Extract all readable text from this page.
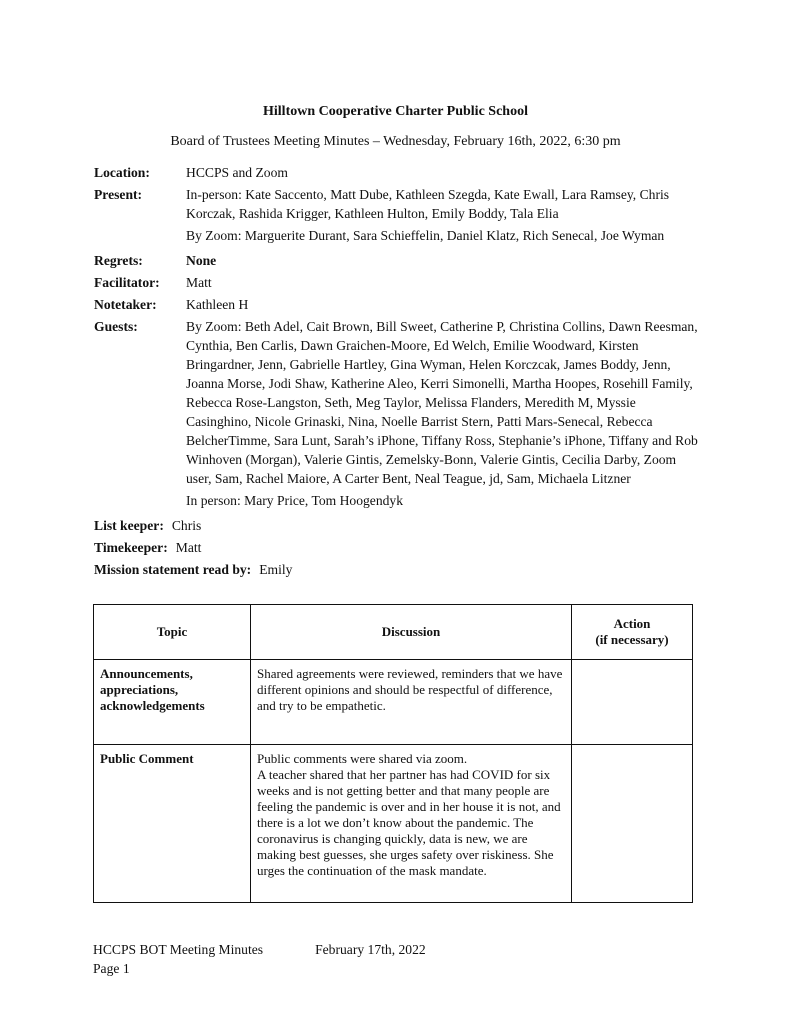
Hilltown Cooperative Charter Public School
Board of Trustees Meeting Minutes – Wednesday, February 16th, 2022, 6:30 pm
Location:	HCCPS and Zoom
Present:	In-person: Kate Saccento, Matt Dube, Kathleen Szegda, Kate Ewall, Lara Ramsey, Chris Korczak, Rashida Krigger, Kathleen Hulton, Emily Boddy, Tala Elia

By Zoom: Marguerite Durant, Sara Schieffelin, Daniel Klatz, Rich Senecal, Joe Wyman

Regrets:	None
Facilitator:	Matt
Notetaker:	Kathleen H
Guests:	By Zoom: Beth Adel, Cait Brown, Bill Sweet, Catherine P, Christina Collins, Dawn Reesman, Cynthia, Ben Carlis, Dawn Graichen-Moore, Ed Welch, Emilie Woodward, Kirsten Bringardner, Jenn, Gabrielle Hartley, Gina Wyman, Helen Korczcak, James Boddy, Jenn, Joanna Morse, Jodi Shaw, Katherine Aleo, Kerri Simonelli, Martha Hoopes, Rosehill Family, Rebecca Rose-Langston, Seth, Meg Taylor, Melissa Flanders, Meredith M, Myssie Casinghino, Nicole Grinaski, Nina, Noelle Barrist Stern, Patti Mars-Senecal, Rebecca BelcherTimme, Sara Lunt, Sarah’s iPhone, Tiffany Ross, Stephanie’s iPhone, Tiffany and Rob Winhoven (Morgan), Valerie Gintis, Zemelsky-Bonn, Valerie Gintis, Cecilia Darby, Zoom user, Sam, Rachel Maiore, A Carter Bent, Neal Teague, jd, Sam, Michaela Litzner

In person: Mary Price, Tom Hoogendyk

List keeper: Chris
Timekeeper: Matt
Mission statement read by: Emily
Topic	Discussion	Action
(if necessary)
Announcements, appreciations, acknowledgements	Shared agreements were reviewed, reminders that we have different opinions and should be respectful of difference, and try to be empathetic.	

Public Comment	Public comments were shared via zoom.

A teacher shared that her partner has had COVID for six weeks and is not getting better and that many people are feeling the pandemic is over and in her house it is not, and there is a lot we don’t know about the pandemic. The coronavirus is changing quickly, data is new, we are making best guesses, she urges safety over riskiness. She urges the continuation of the mask mandate.	

HCCPS BOT Meeting Minutes	February 17th, 2022
Page 1
